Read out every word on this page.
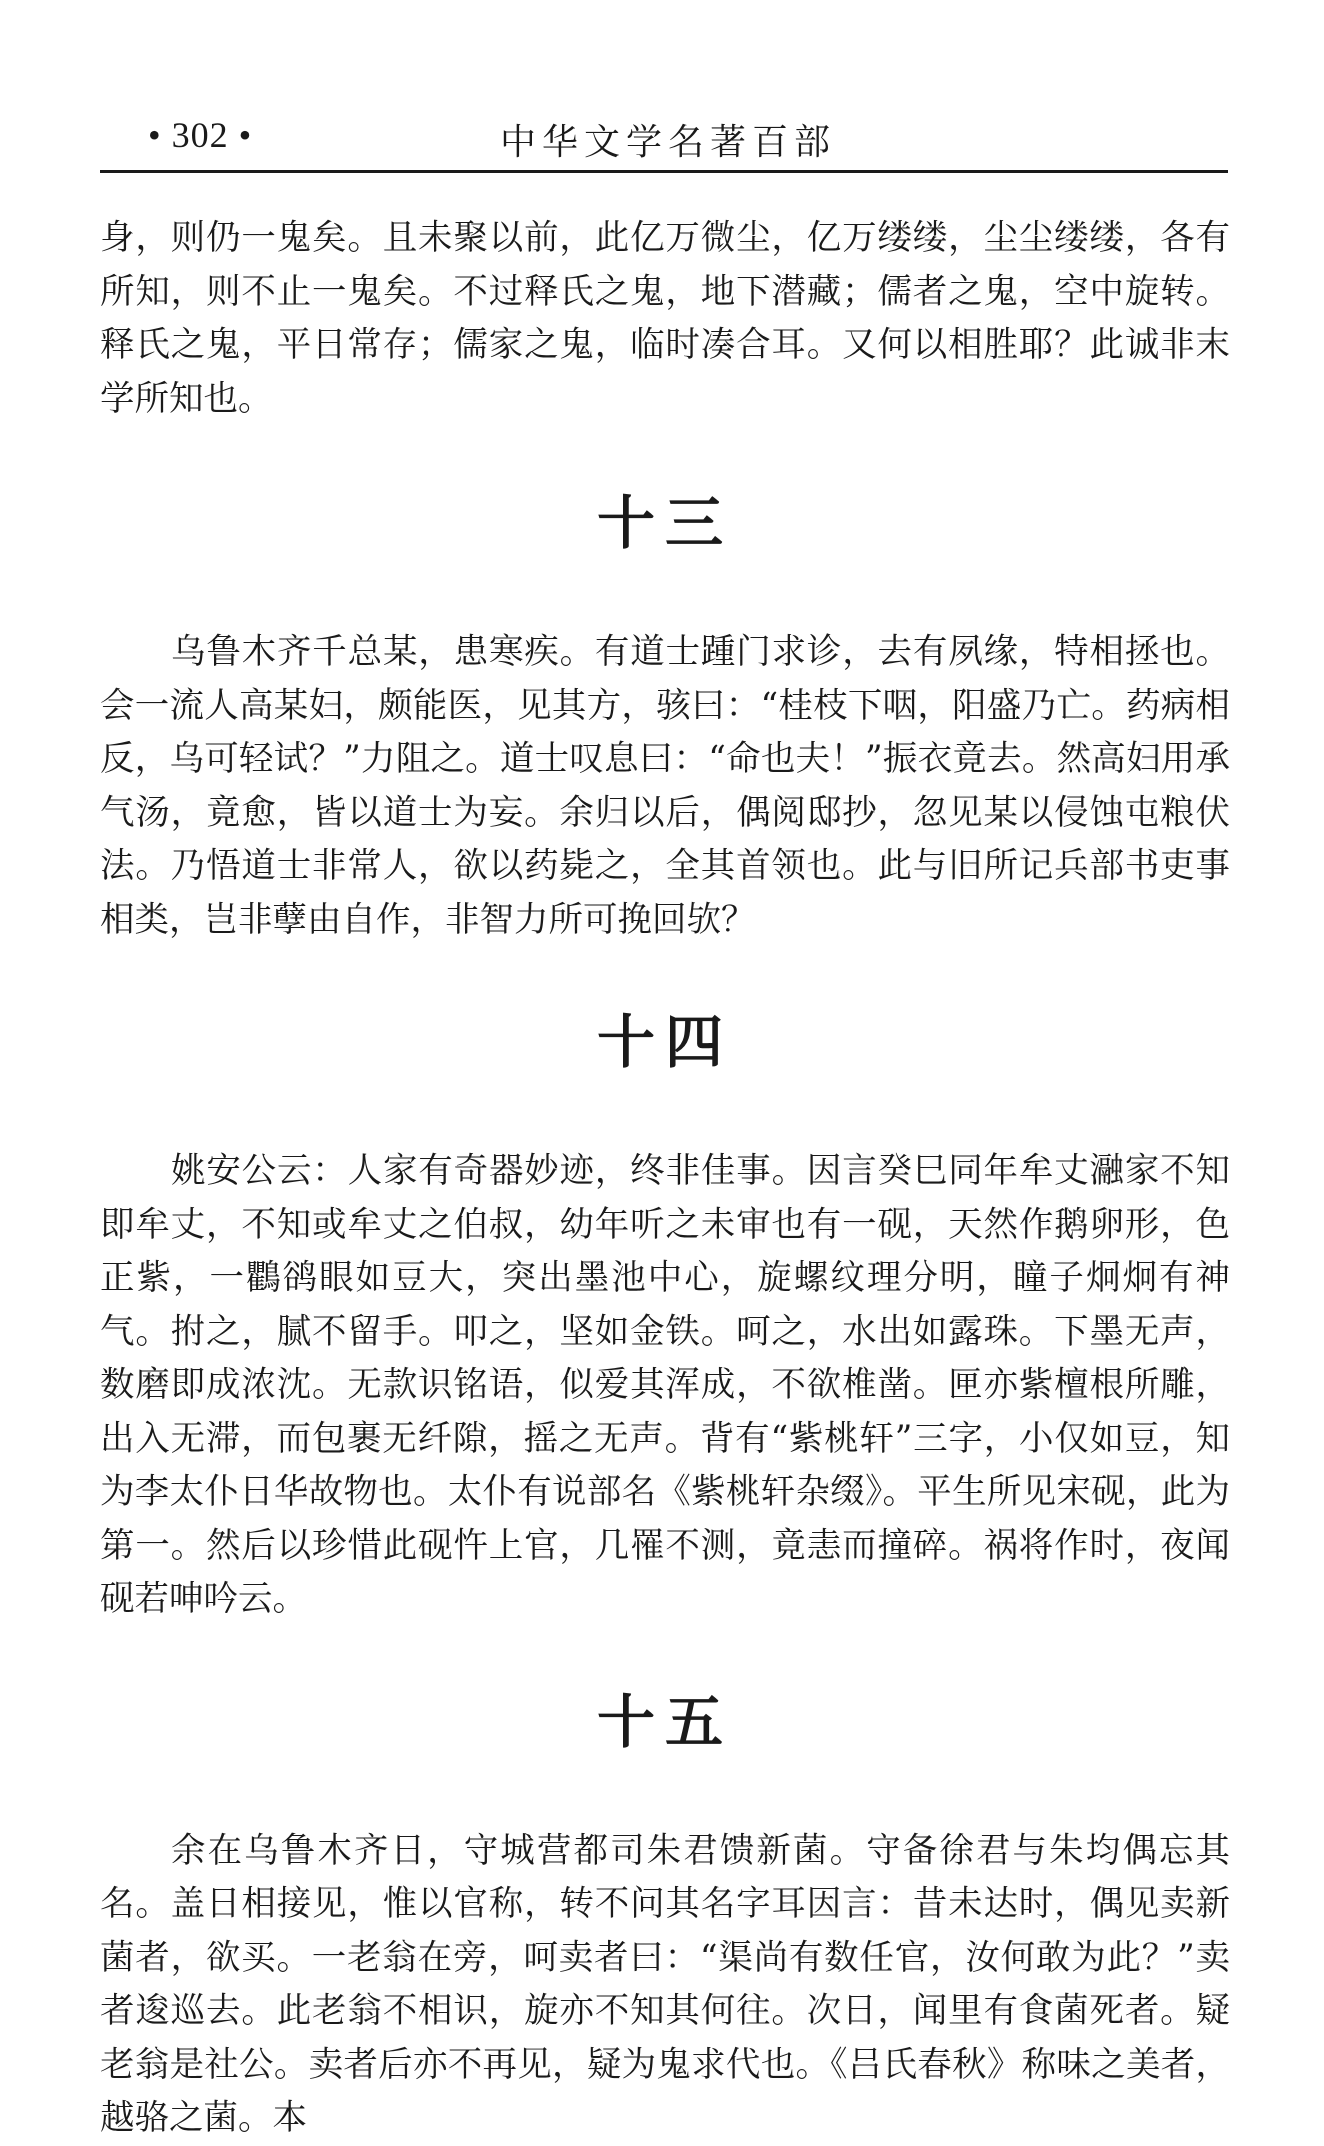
• 302 •	中华文学名著百部

身，则仍一鬼矣。且未聚以前，此亿万微尘，亿万缕缕，尘尘缕缕，各有所知，则不止一鬼矣。不过释氏之鬼，地下潜藏；儒者之鬼，空中旋转。释氏之鬼，平日常存；儒家之鬼，临时凑合耳。又何以相胜耶？此诚非末学所知也。

十三

乌鲁木齐千总某，患寒疾。有道士踵门求诊，去有夙缘，特相拯也。会一流人高某妇，颇能医，见其方，骇曰：“桂枝下咽，阳盛乃亡。药病相反，乌可轻试？”力阻之。道士叹息曰：“命也夫！”振衣竟去。然高妇用承气汤，竟愈，皆以道士为妄。余归以后，偶阅邸抄，忽见某以侵蚀屯粮伏法。乃悟道士非常人，欲以药毙之，全其首领也。此与旧所记兵部书吏事相类，岂非孽由自作，非智力所可挽回欤？

十四

姚安公云：人家有奇器妙迹，终非佳事。因言癸巳同年牟丈瀜家不知即牟丈，不知或牟丈之伯叔，幼年听之未审也有一砚，天然作鹅卵形，色正紫，一鸜鹆眼如豆大，突出墨池中心，旋螺纹理分明，瞳子炯炯有神气。拊之，腻不留手。叩之，坚如金铁。呵之，水出如露珠。下墨无声，数磨即成浓沈。无款识铭语，似爱其浑成，不欲椎凿。匣亦紫檀根所雕，出入无滞，而包裹无纤隙，摇之无声。背有“紫桃轩”三字，小仅如豆，知为李太仆日华故物也。太仆有说部名《紫桃轩杂缀》。平生所见宋砚，此为第一。然后以珍惜此砚忤上官，几罹不测，竟恚而撞碎。祸将作时，夜闻砚若呻吟云。

十五

余在乌鲁木齐日，守城营都司朱君馈新菌。守备徐君与朱均偶忘其名。盖日相接见，惟以官称，转不问其名字耳因言：昔未达时，偶见卖新菌者，欲买。一老翁在旁，呵卖者曰：“渠尚有数任官，汝何敢为此？”卖者逡巡去。此老翁不相识，旋亦不知其何往。次日，闻里有食菌死者。疑老翁是社公。卖者后亦不再见，疑为鬼求代也。《吕氏春秋》称味之美者，越骆之菌。本
